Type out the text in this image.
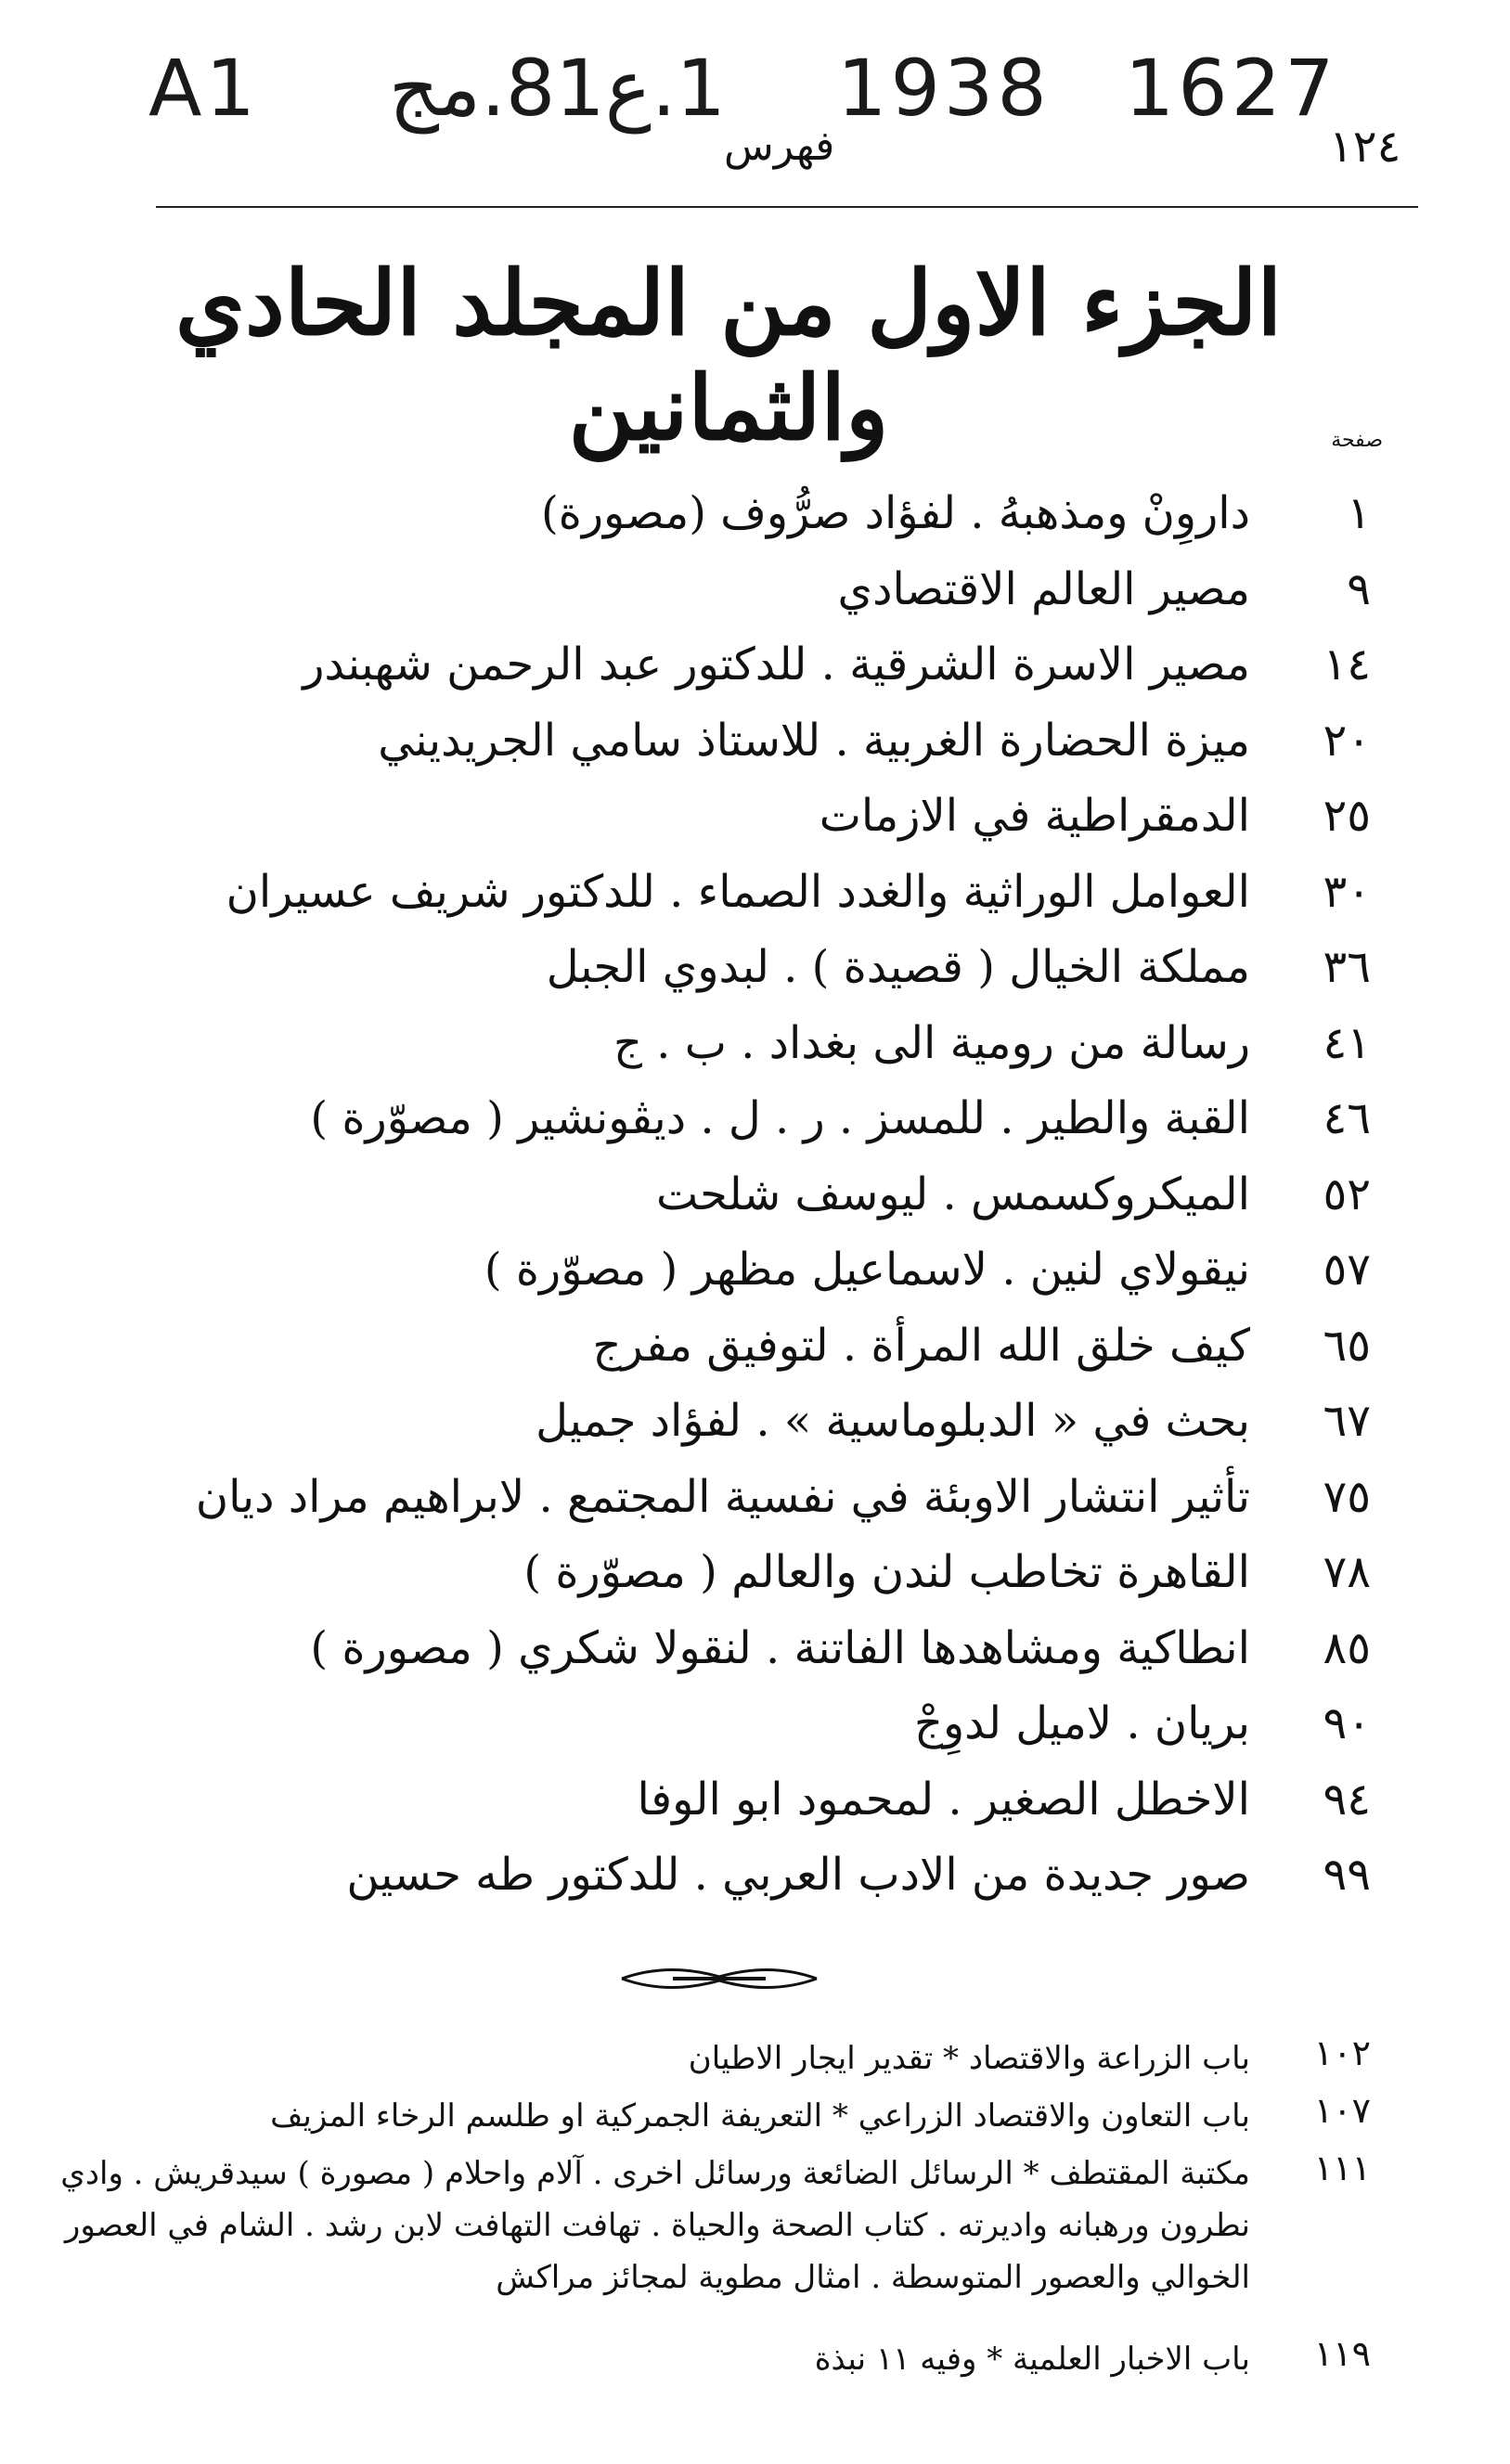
A1 1.ع81.مج 1938 1627
فهرس	١٢٤
الجزء الاول من المجلد الحادي والثمانين	صفحة
١
داروِنْ ومذهبهُ . لفؤاد صرُّوف (مصورة)
٩
مصير العالم الاقتصادي
١٤
مصير الاسرة الشرقية . للدكتور عبد الرحمن شهبندر
٢٠
ميزة الحضارة الغربية . للاستاذ سامي الجريديني
٢٥
الدمقراطية في الازمات
٣٠
العوامل الوراثية والغدد الصماء . للدكتور شريف عسيران
٣٦
مملكة الخيال ( قصيدة ) . لبدوي الجبل
٤١
رسالة من رومية الى بغداد . ب . ج
٤٦
القبة والطير . للمسز . ر . ل . ديڤونشير ( مصوّرة )
٥٢
الميكروكسمس . ليوسف شلحت
٥٧
نيقولاي لنين . لاسماعيل مظهر ( مصوّرة )
٦٥
كيف خلق الله المرأة . لتوفيق مفرج
٦٧
بحث في « الدبلوماسية » . لفؤاد جميل
٧٥
تأثير انتشار الاوبئة في نفسية المجتمع . لابراهيم مراد ديان
٧٨
القاهرة تخاطب لندن والعالم ( مصوّرة )
٨٥
انطاكية ومشاهدها الفاتنة . لنقولا شكري ( مصورة )
٩٠
بريان . لاميل لدوِجْ
٩٤
الاخطل الصغير . لمحمود ابو الوفا
٩٩
صور جديدة من الادب العربي . للدكتور طه حسين
١٠٢
باب الزراعة والاقتصاد * تقدير ايجار الاطيان
١٠٧
باب التعاون والاقتصاد الزراعي * التعريفة الجمركية او طلسم الرخاء المزيف
١١١
مكتبة المقتطف * الرسائل الضائعة ورسائل اخرى . آلام واحلام ( مصورة ) سيدقريش . وادي نطرون ورهبانه واديرته . كتاب الصحة والحياة . تهافت التهافت لابن رشد . الشام في العصور الخوالي والعصور المتوسطة . امثال مطوية لمجائز مراكش
١١٩
باب الاخبار العلمية * وفيه ١١ نبذة
